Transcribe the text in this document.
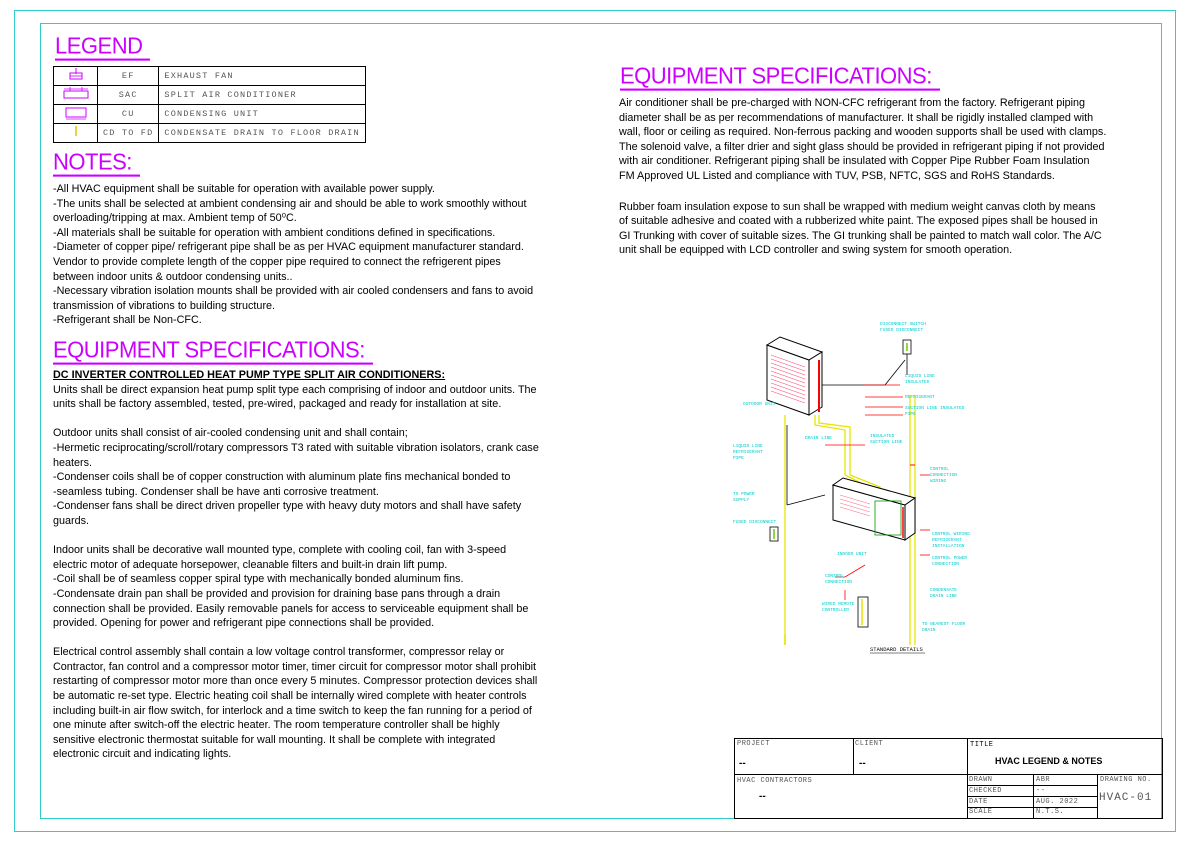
LEGEND
	EF	EXHAUST FAN
	SAC	SPLIT AIR CONDITIONER
	CU	CONDENSING UNIT
	CD TO FD	CONDENSATE DRAIN TO FLOOR DRAIN
NOTES:
-All HVAC equipment shall be suitable for operation with available power supply.
-The units shall be selected at ambient condensing air and should be able to work smoothly without
overloading/tripping at max. Ambient temp of 50⁰C.
-All materials shall be suitable for operation with ambient conditions defined in specifications.
-Diameter of copper pipe/ refrigerant pipe shall be as per HVAC equipment manufacturer standard.
Vendor to provide complete length of the copper pipe required to connect the refrigerent pipes
between indoor units & outdoor condensing units..
-Necessary vibration isolation mounts shall be provided with air cooled condensers and fans to avoid
transmission of vibrations to building structure.
-Refrigerant shall be Non-CFC.
EQUIPMENT SPECIFICATIONS:
DC INVERTER CONTROLLED HEAT PUMP TYPE SPLIT AIR CONDITIONERS:
Units shall be direct expansion heat pump split type each comprising of indoor and outdoor units. The
units shall be factory assembled, tested, pre-wired, packaged and ready for installation at site.
Outdoor units shall consist of air-cooled condensing unit and shall contain;
-Hermetic reciprocating/scroll/rotary compressors T3 rated with suitable vibration isolators, crank case
heaters.
-Condenser coils shall be of copper construction with aluminum plate fins mechanical bonded to
-seamless tubing. Condenser shall be have anti corrosive treatment.
-Condenser fans shall be direct driven propeller type with heavy duty motors and shall have safety
guards.
Indoor units shall be decorative wall mounted type, complete with cooling coil, fan with 3-speed
electric motor of adequate horsepower, cleanable filters and built-in drain lift pump.
-Coil shall be of seamless copper spiral type with mechanically bonded aluminum fins.
-Condensate drain pan shall be provided and provision for draining base pans through a drain
connection shall be provided. Easily removable panels for access to serviceable equipment shall be
provided. Opening for power and refrigerant pipe connections shall be provided.
Electrical control assembly shall contain a low voltage control transformer, compressor relay or
Contractor, fan control and a compressor motor timer, timer circuit for compressor motor shall prohibit
restarting of compressor motor more than once every 5 minutes. Compressor protection devices shall
be automatic re-set type. Electric heating coil shall be internally wired complete with heater controls
including built-in air flow switch, for interlock and a time switch to keep the fan running for a period of
one minute after switch-off the electric heater. The room temperature controller shall be highly
sensitive electronic thermostat suitable for wall mounting. It shall be complete with integrated
electronic circuit and indicating lights.
EQUIPMENT SPECIFICATIONS:
Air conditioner shall be pre-charged with NON-CFC refrigerant from the factory. Refrigerant piping
diameter shall be as per recommendations of manufacturer. It shall be rigidly installed clamped with
wall, floor or ceiling as required. Non-ferrous packing and wooden supports shall be used with clamps.
The solenoid valve, a filter drier and sight glass should be provided in refrigerant piping if not provided
with air conditioner. Refrigerant piping shall be insulated with Copper Pipe Rubber Foam Insulation
FM Approved UL Listed and compliance with TUV, PSB, NFTC, SGS and RoHS Standards.
Rubber foam insulation expose to sun shall be wrapped with medium weight canvas cloth by means
of suitable adhesive and coated with a rubberized white paint. The exposed pipes shall be housed in
GI Trunking with cover of suitable sizes. The GI trunking shall be painted to match wall color. The A/C
unit shall be equipped with LCD controller and swing system for smooth operation.
DISCONNECT SWITCH
FUSED DISCONNECT
LIQUID LINE
INSULATED
REFRIGERANT
SUCTION LINE INSULATED
PIPE
OUTDOOR UNIT
DRAIN LINE	INSULATED
SUCTION LINE
LIQUID LINE
REFRIGERANT
PIPE
CONTROL
CONNECTION
WIRING
TO POWER
SUPPLY
FUSED DISCONNECT
CONTROL WIRING
REFRIGERANT
INSTALLATION
CONTROL POWER
CONNECTION
INDOOR UNIT
CONTROL
CONNECTION
CONDENSATE
DRAIN LINE
WIRED REMOTE
CONTROLLER
TO NEAREST FLOOR
DRAIN
STANDARD DETAILS
PROJECT
--
CLIENT
--
TITLE
HVAC LEGEND & NOTES
HVAC CONTRACTORS
--
DRAWN	ABR
CHECKED	--
DATE	AUG. 2022
SCALE	N.T.S.
DRAWING NO.
HVAC-01
